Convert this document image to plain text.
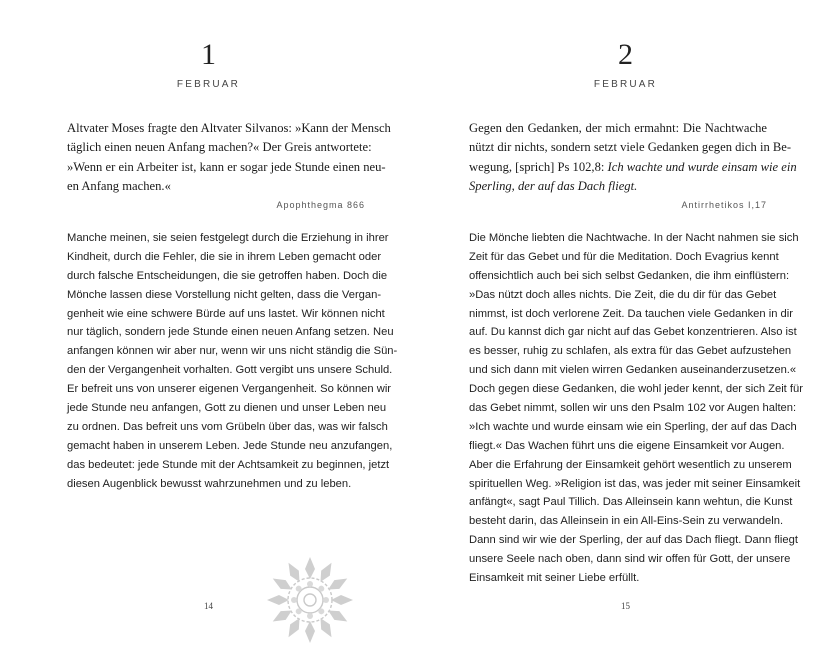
1
FEBRUAR
Altvater Moses fragte den Altvater Silvanos: »Kann der Mensch
täglich einen neuen Anfang machen?« Der Greis antwortete:
»Wenn er ein Arbeiter ist, kann er sogar jede Stunde einen neu-
en Anfang machen.«
Apophthegma 866
Manche meinen, sie seien festgelegt durch die Erziehung in ihrer
Kindheit, durch die Fehler, die sie in ihrem Leben gemacht oder
durch falsche Entscheidungen, die sie getroffen haben. Doch die
Mönche lassen diese Vorstellung nicht gelten, dass die Vergan-
genheit wie eine schwere Bürde auf uns lastet. Wir können nicht
nur täglich, sondern jede Stunde einen neuen Anfang setzen. Neu
anfangen können wir aber nur, wenn wir uns nicht ständig die Sün-
den der Vergangenheit vorhalten. Gott vergibt uns unsere Schuld.
Er befreit uns von unserer eigenen Vergangenheit. So können wir
jede Stunde neu anfangen, Gott zu dienen und unser Leben neu
zu ordnen. Das befreit uns vom Grübeln über das, was wir falsch
gemacht haben in unserem Leben. Jede Stunde neu anzufangen,
das bedeutet: jede Stunde mit der Achtsamkeit zu beginnen, jetzt
diesen Augenblick bewusst wahrzunehmen und zu leben.
14
2
FEBRUAR
Gegen den Gedanken, der mich ermahnt: Die Nachtwache
nützt dir nichts, sondern setzt viele Gedanken gegen dich in Be-
wegung, [sprich] Ps 102,8: Ich wachte und wurde einsam wie ein
Sperling, der auf das Dach fliegt.
Antirrhetikos I,17
Die Mönche liebten die Nachtwache. In der Nacht nahmen sie sich
Zeit für das Gebet und für die Meditation. Doch Evagrius kennt
offensichtlich auch bei sich selbst Gedanken, die ihm einflüstern:
»Das nützt doch alles nichts. Die Zeit, die du dir für das Gebet
nimmst, ist doch verlorene Zeit. Da tauchen viele Gedanken in dir
auf. Du kannst dich gar nicht auf das Gebet konzentrieren. Also ist
es besser, ruhig zu schlafen, als extra für das Gebet aufzustehen
und sich dann mit vielen wirren Gedanken auseinanderzusetzen.«
Doch gegen diese Gedanken, die wohl jeder kennt, der sich Zeit für
das Gebet nimmt, sollen wir uns den Psalm 102 vor Augen halten:
»Ich wachte und wurde einsam wie ein Sperling, der auf das Dach
fliegt.« Das Wachen führt uns die eigene Einsamkeit vor Augen.
Aber die Erfahrung der Einsamkeit gehört wesentlich zu unserem
spirituellen Weg. »Religion ist das, was jeder mit seiner Einsamkeit
anfängt«, sagt Paul Tillich. Das Alleinsein kann wehtun, die Kunst
besteht darin, das Alleinsein in ein All-Eins-Sein zu verwandeln.
Dann sind wir wie der Sperling, der auf das Dach fliegt. Dann fliegt
unsere Seele nach oben, dann sind wir offen für Gott, der unsere
Einsamkeit mit seiner Liebe erfüllt.
15
